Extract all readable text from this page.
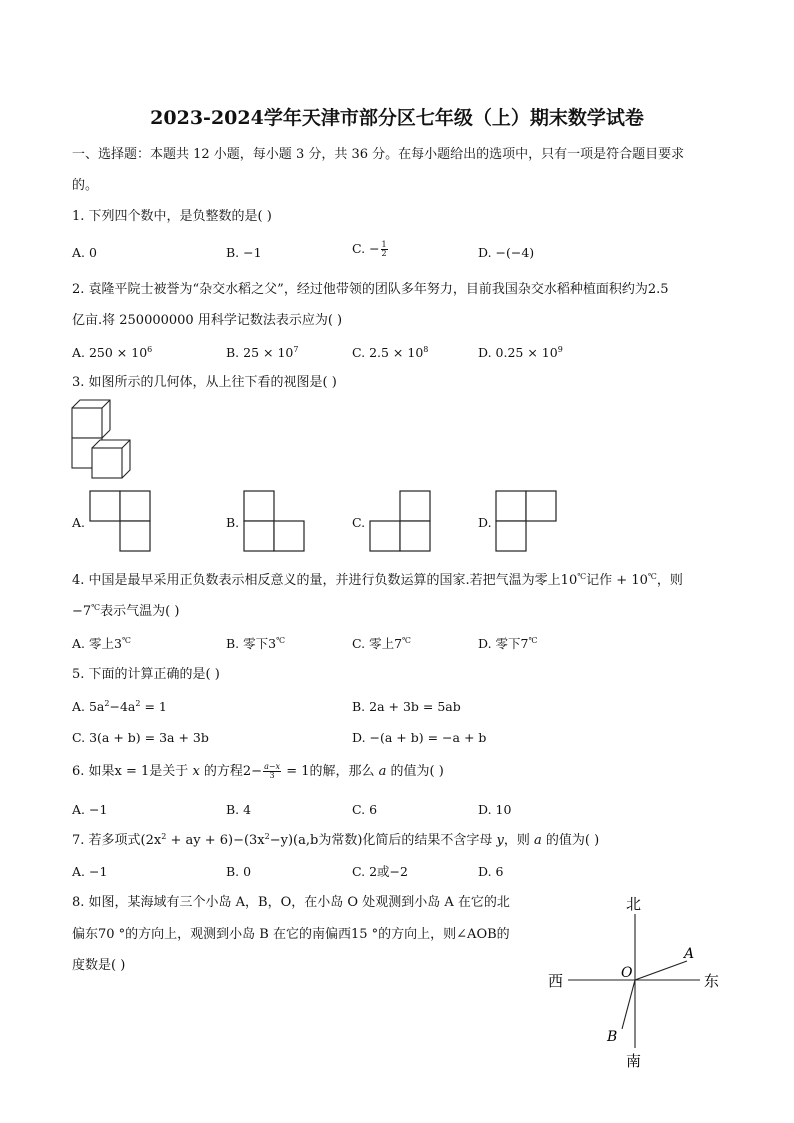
2023-2024学年天津市部分区七年级（上）期末数学试卷
一、选择题：本题共 12 小题，每小题 3 分，共 36 分。在每小题给出的选项中，只有一项是符合题目要求
的。
1. 下列四个数中，是负整数的是( )
A. 0	B. −1	C. − $\frac{1}{2}$	D. −(−4)
2. 袁隆平院士被誉为“杂交水稻之父”，经过他带领的团队多年努力，目前我国杂交水稻种植面积约为2.5
亿亩.将 250000000 用科学记数法表示应为( )
A. $250 \times 10^6$	B. $25 \times 10^7$	C. $2.5 \times 10^8$	D. $0.25 \times 10^9$
3. 如图所示的几何体，从上往下看的视图是( )
A.	B.	C.	D.
4. 中国是最早采用正负数表示相反意义的量，并进行负数运算的国家.若把气温为零上10℃记作 + 10℃，则
−7℃表示气温为( )
A. 零上3℃	B. 零下3℃	C. 零上7℃	D. 零下7℃
5. 下面的计算正确的是( )
A. $5a^2-4a^2 = 1$	B. 2a + 3b = 5ab
C. 3(a + b) = 3a + 3b	D. −(a + b) = −a + b
6. 如果x = 1是关于 x 的方程$2- \frac{a-x}{3} = 1$的解，那么 a 的值为( )
A. −1	B. 4	C. 6	D. 10
7. 若多项式($2x^2$ + ay + $6)-(3x^2-y)(a,b$为常数)化简后的结果不含字母 y，则 a 的值为( )
A. −1	B. 0	C. 2或−2	D. 6
8. 如图，某海域有三个小岛 A，B，O，在小岛 O 处观测到小岛 A 在它的北
偏东70 °的方向上，观测到小岛 B 在它的南偏西15 °的方向上，则∠AOB的
度数是( )
北
南
东
西	O
A
B
